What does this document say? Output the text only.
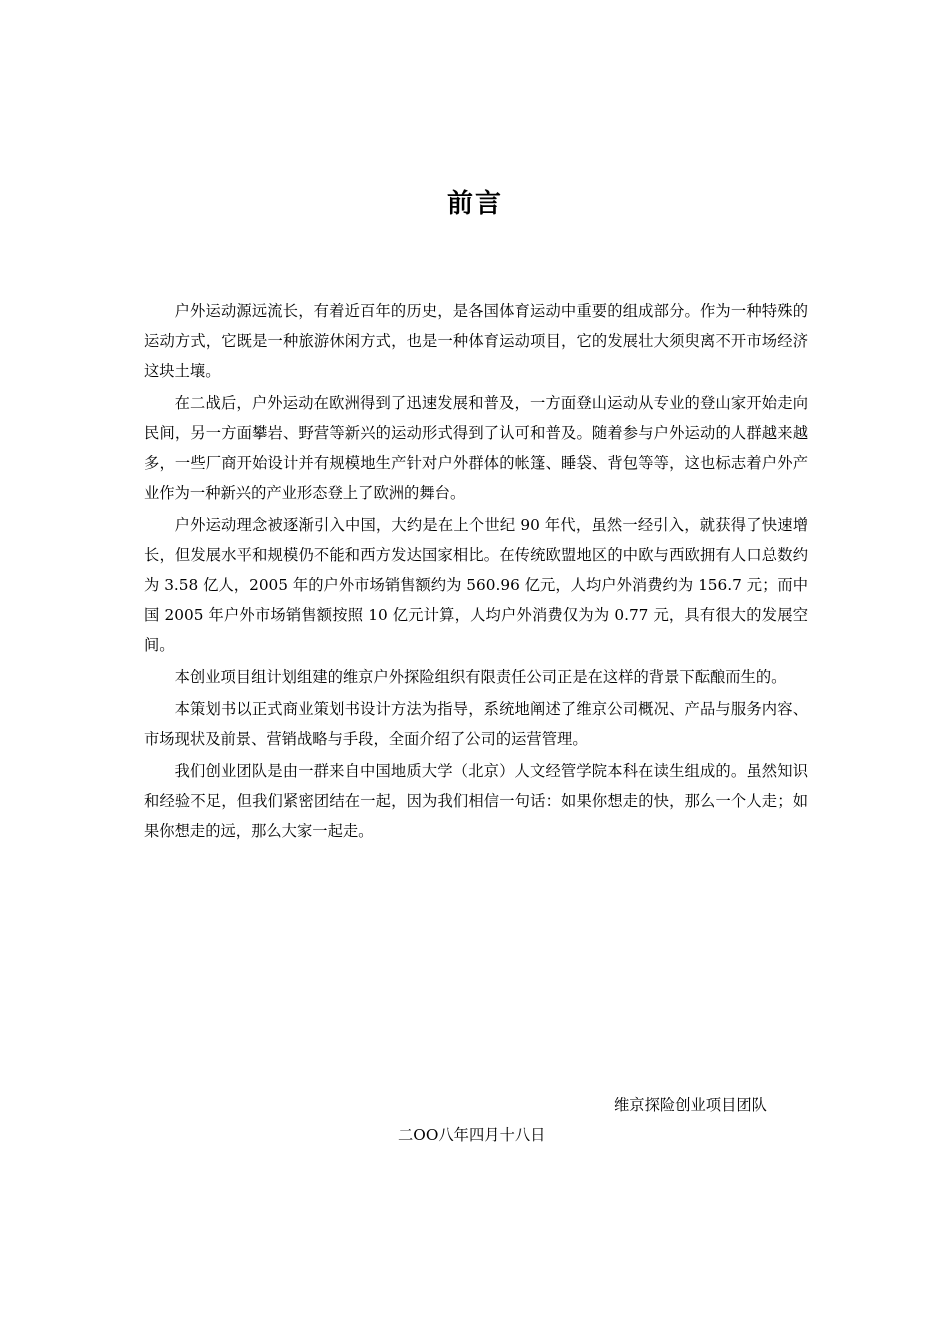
前言

户外运动源远流长，有着近百年的历史，是各国体育运动中重要的组成部分。作为一种特殊的运动方式，它既是一种旅游休闲方式，也是一种体育运动项目，它的发展壮大须臾离不开市场经济这块土壤。

在二战后，户外运动在欧洲得到了迅速发展和普及，一方面登山运动从专业的登山家开始走向民间，另一方面攀岩、野营等新兴的运动形式得到了认可和普及。随着参与户外运动的人群越来越多，一些厂商开始设计并有规模地生产针对户外群体的帐篷、睡袋、背包等等，这也标志着户外产业作为一种新兴的产业形态登上了欧洲的舞台。

户外运动理念被逐渐引入中国，大约是在上个世纪 90 年代，虽然一经引入，就获得了快速增长，但发展水平和规模仍不能和西方发达国家相比。在传统欧盟地区的中欧与西欧拥有人口总数约为 3.58 亿人，2005 年的户外市场销售额约为 560.96 亿元，人均户外消费约为 156.7 元；而中国 2005 年户外市场销售额按照 10 亿元计算，人均户外消费仅为为 0.77 元，具有很大的发展空间。

本创业项目组计划组建的维京户外探险组织有限责任公司正是在这样的背景下酝酿而生的。

本策划书以正式商业策划书设计方法为指导，系统地阐述了维京公司概况、产品与服务内容、市场现状及前景、营销战略与手段，全面介绍了公司的运营管理。

我们创业团队是由一群来自中国地质大学（北京）人文经管学院本科在读生组成的。虽然知识和经验不足，但我们紧密团结在一起，因为我们相信一句话：如果你想走的快，那么一个人走；如果你想走的远，那么大家一起走。

维京探险创业项目团队
二OO八年四月十八日
